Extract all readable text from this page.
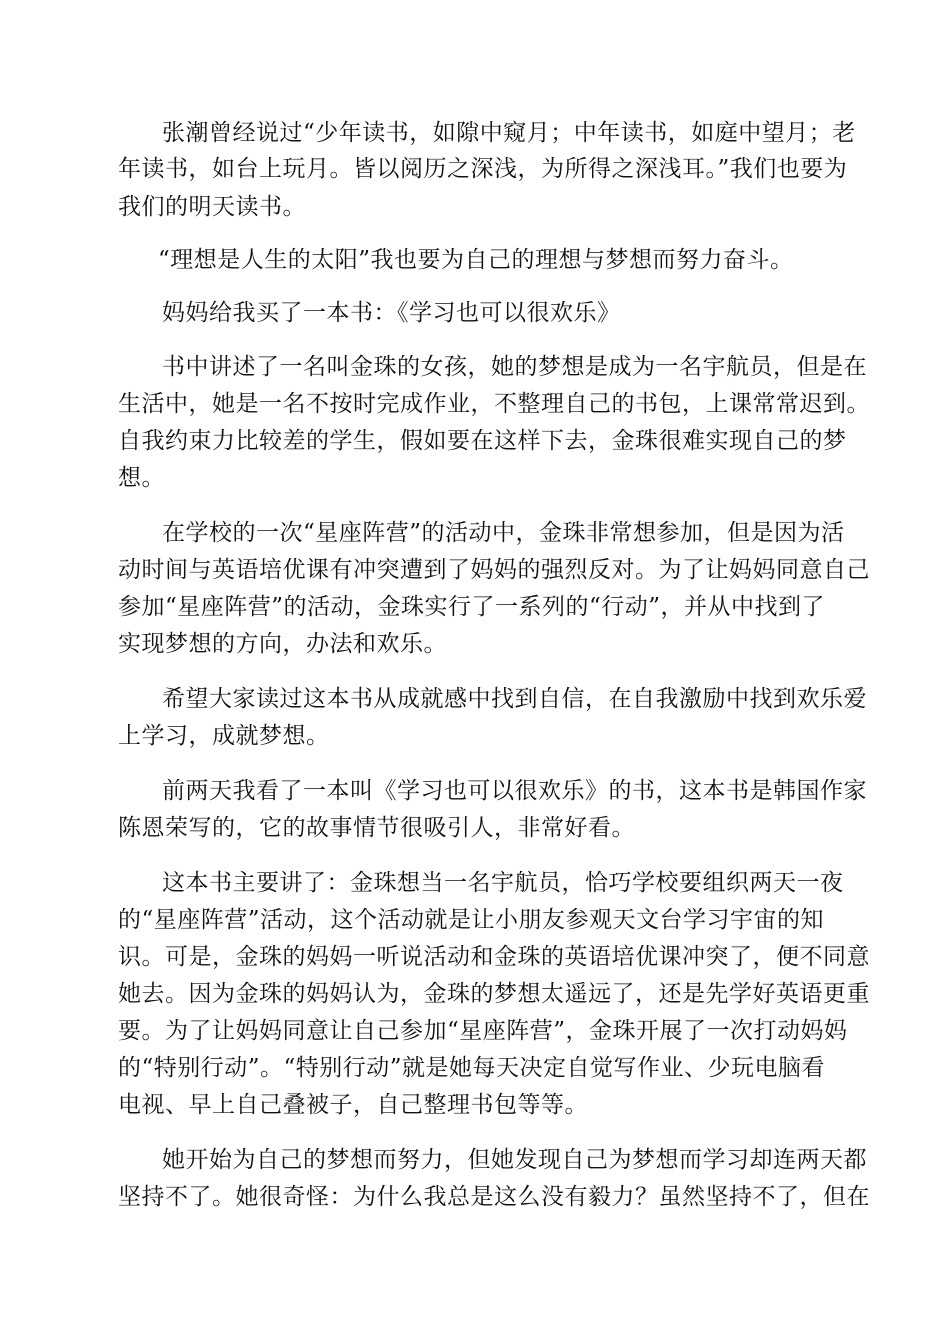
张潮曾经说过“少年读书，如隙中窥月；中年读书，如庭中望月；老
年读书，如台上玩月。皆以阅历之深浅，为所得之深浅耳。”我们也要为
我们的明天读书。
“理想是人生的太阳”我也要为自己的理想与梦想而努力奋斗。
妈妈给我买了一本书：《学习也可以很欢乐》
书中讲述了一名叫金珠的女孩，她的梦想是成为一名宇航员，但是在
生活中，她是一名不按时完成作业，不整理自己的书包，上课常常迟到。
自我约束力比较差的学生，假如要在这样下去，金珠很难实现自己的梦
想。
在学校的一次“星座阵营”的活动中，金珠非常想参加，但是因为活
动时间与英语培优课有冲突遭到了妈妈的强烈反对。为了让妈妈同意自己
参加“星座阵营”的活动，金珠实行了一系列的“行动”，并从中找到了
实现梦想的方向，办法和欢乐。
希望大家读过这本书从成就感中找到自信，在自我激励中找到欢乐爱
上学习，成就梦想。
前两天我看了一本叫《学习也可以很欢乐》的书，这本书是韩国作家
陈恩荣写的，它的故事情节很吸引人，非常好看。
这本书主要讲了：金珠想当一名宇航员，恰巧学校要组织两天一夜
的“星座阵营”活动，这个活动就是让小朋友参观天文台学习宇宙的知
识。可是，金珠的妈妈一听说活动和金珠的英语培优课冲突了，便不同意
她去。因为金珠的妈妈认为，金珠的梦想太遥远了，还是先学好英语更重
要。为了让妈妈同意让自己参加“星座阵营”，金珠开展了一次打动妈妈
的“特别行动”。“特别行动”就是她每天决定自觉写作业、少玩电脑看
电视、早上自己叠被子，自己整理书包等等。
她开始为自己的梦想而努力，但她发现自己为梦想而学习却连两天都
坚持不了。她很奇怪：为什么我总是这么没有毅力？虽然坚持不了，但在
